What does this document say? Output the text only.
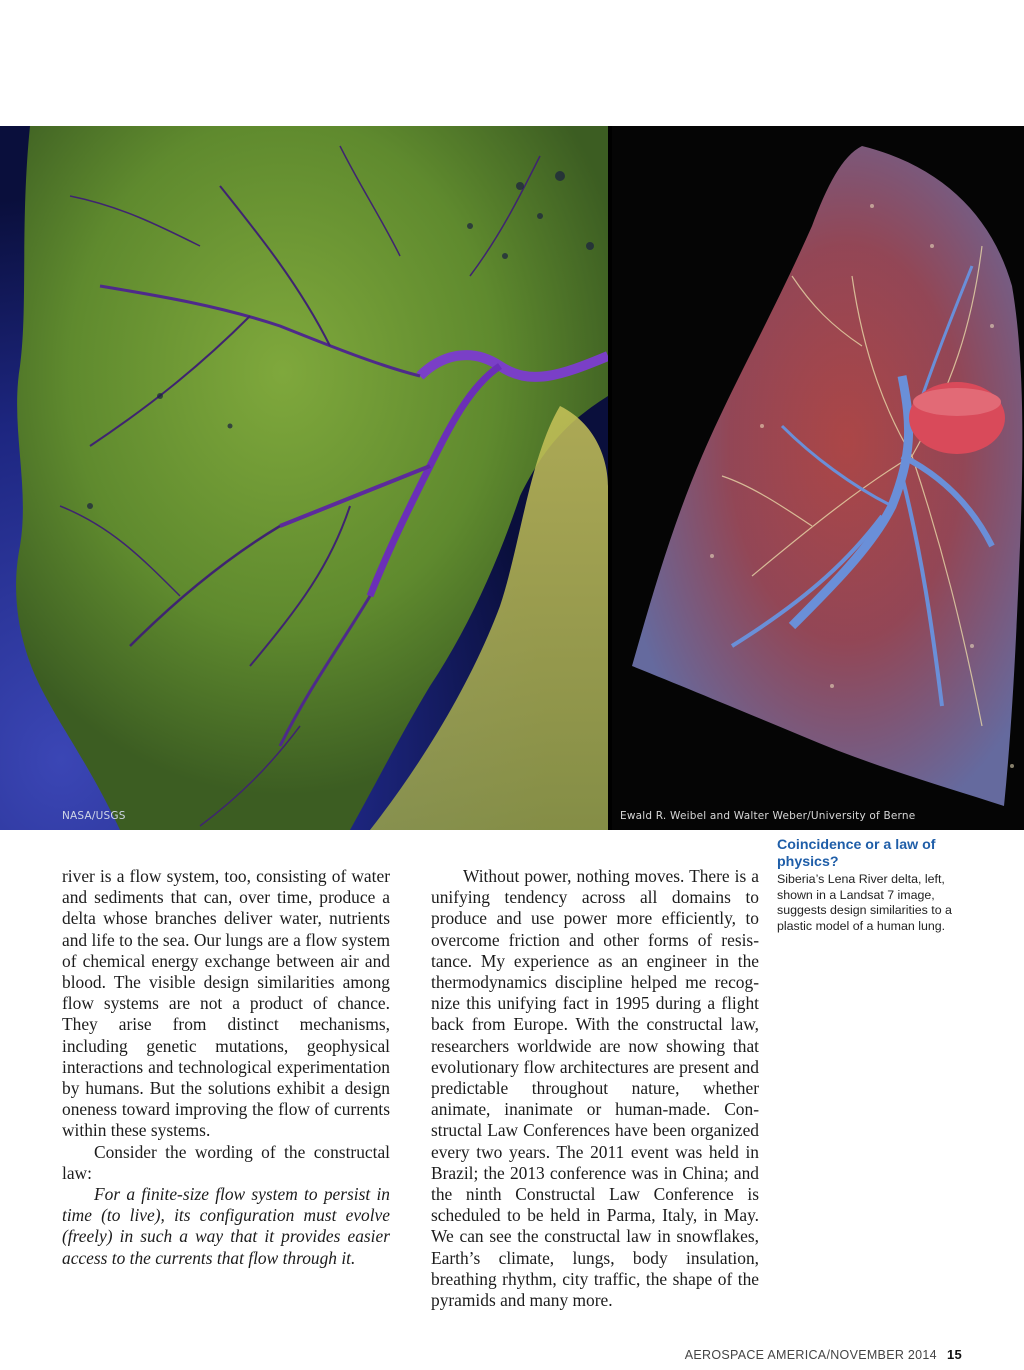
NASA/USGS	Ewald R. Weibel and Walter Weber/University of Berne
Coincidence or a law of physics?
Siberia’s Lena River delta, left, shown in a Landsat 7 image, suggests design similarities to a plastic model of a human lung.

river is a flow system, too, consisting of water and sediments that can, over time, produce a delta whose branches deliver water, nutrients and life to the sea. Our lungs are a flow system of chemical energy exchange between air and blood. The visible design similarities among flow systems are not a product of chance. They arise from distinct mechanisms, including genetic mutations, geophysical interactions and technological experimentation by humans. But the solutions exhibit a design oneness toward improving the flow of currents within these systems.

Consider the wording of the constructal law:

For a finite-size flow system to persist in time (to live), its configuration must evolve (freely) in such a way that it provides easier access to the currents that flow through it.

Without power, nothing moves. There is a unifying tendency across all domains to produce and use power more efficiently, to overcome friction and other forms of resistance. My experience as an engineer in the thermodynamics discipline helped me recognize this unifying fact in 1995 during a flight back from Europe. With the constructal law, researchers worldwide are now showing that evolutionary flow architectures are present and predictable throughout nature, whether animate, inanimate or human-made. Constructal Law Conferences have been organized every two years. The 2011 event was held in Brazil; the 2013 conference was in China; and the ninth Constructal Law Conference is scheduled to be held in Parma, Italy, in May. We can see the constructal law in snowflakes, Earth’s climate, lungs, body insulation, breathing rhythm, city traffic, the shape of the pyramids and many more.

AEROSPACE AMERICA/NOVEMBER 2014 15
